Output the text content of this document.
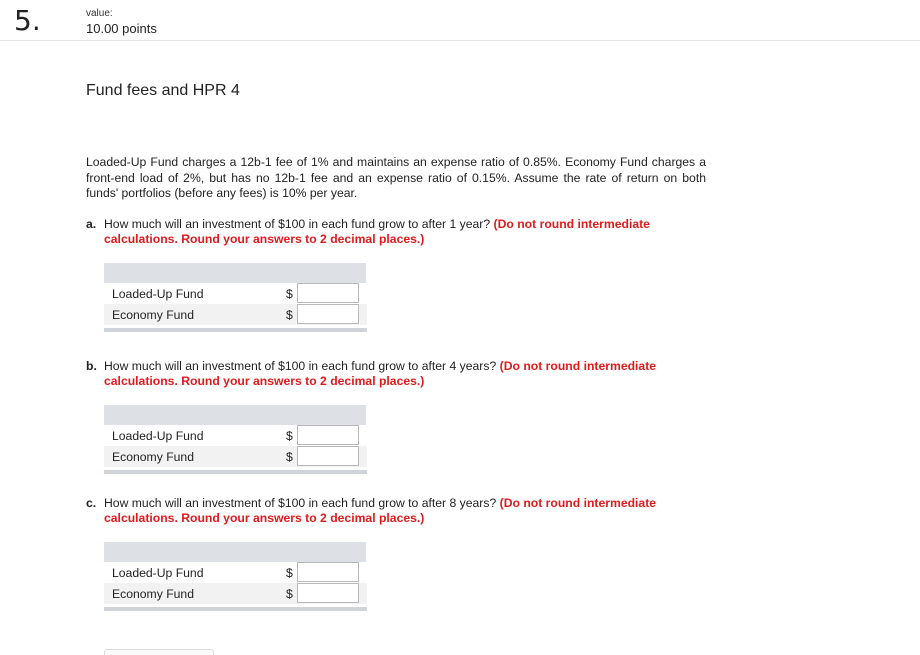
5.	value:
10.00 points
Fund fees and HPR 4
Loaded-Up Fund charges a 12b-1 fee of 1% and maintains an expense ratio of 0.85%. Economy Fund charges a front-end load of 2%, but has no 12b-1 fee and an expense ratio of 0.15%. Assume the rate of return on both funds' portfolios (before any fees) is 10% per year.
a. How much will an investment of $100 in each fund grow to after 1 year? (Do not round intermediate
calculations. Round your answers to 2 decimal places.)
Loaded-Up Fund	$
Economy Fund	$
b. How much will an investment of $100 in each fund grow to after 4 years? (Do not round intermediate
calculations. Round your answers to 2 decimal places.)
Loaded-Up Fund	$
Economy Fund	$
c. How much will an investment of $100 in each fund grow to after 8 years? (Do not round intermediate
calculations. Round your answers to 2 decimal places.)
Loaded-Up Fund	$
Economy Fund	$
